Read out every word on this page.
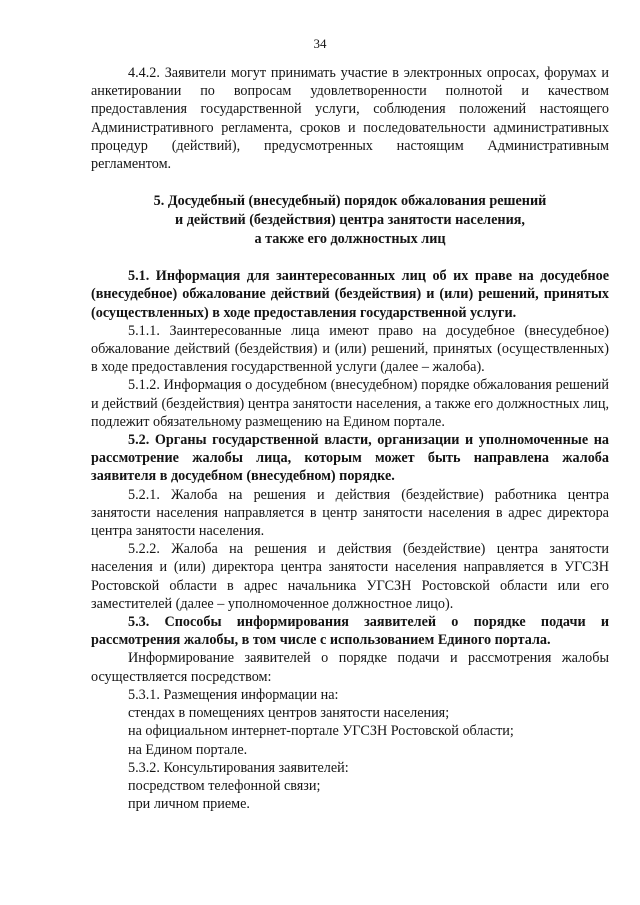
34

4.4.2. Заявители могут принимать участие в электронных опросах, форумах и анкетировании по вопросам удовлетворенности полнотой и качеством предоставления государственной услуги, соблюдения положений настоящего Административного регламента, сроков и последовательности административных процедур (действий), предусмотренных настоящим Административным регламентом.

5. Досудебный (внесудебный) порядок обжалования решений
и действий (бездействия) центра занятости населения,
а также его должностных лиц

5.1. Информация для заинтересованных лиц об их праве на досудебное (внесудебное) обжалование действий (бездействия) и (или) решений, принятых (осуществленных) в ходе предоставления государственной услуги.

5.1.1. Заинтересованные лица имеют право на досудебное (внесудебное) обжалование действий (бездействия) и (или) решений, принятых (осуществленных) в ходе предоставления государственной услуги (далее – жалоба).

5.1.2. Информация о досудебном (внесудебном) порядке обжалования решений и действий (бездействия) центра занятости населения, а также его должностных лиц, подлежит обязательному размещению на Едином портале.

5.2. Органы государственной власти, организации и уполномоченные на рассмотрение жалобы лица, которым может быть направлена жалоба заявителя в досудебном (внесудебном) порядке.

5.2.1. Жалоба на решения и действия (бездействие) работника центра занятости населения направляется в центр занятости населения в адрес директора центра занятости населения.

5.2.2. Жалоба на решения и действия (бездействие) центра занятости населения и (или) директора центра занятости населения направляется в УГСЗН Ростовской области в адрес начальника УГСЗН Ростовской области или его заместителей (далее – уполномоченное должностное лицо).

5.3. Способы информирования заявителей о порядке подачи и рассмотрения жалобы, в том числе с использованием Единого портала.

Информирование заявителей о порядке подачи и рассмотрения жалобы осуществляется посредством:

5.3.1. Размещения информации на:

стендах в помещениях центров занятости населения;

на официальном интернет-портале УГСЗН Ростовской области;

на Едином портале.

5.3.2. Консультирования заявителей:

посредством телефонной связи;

при личном приеме.
